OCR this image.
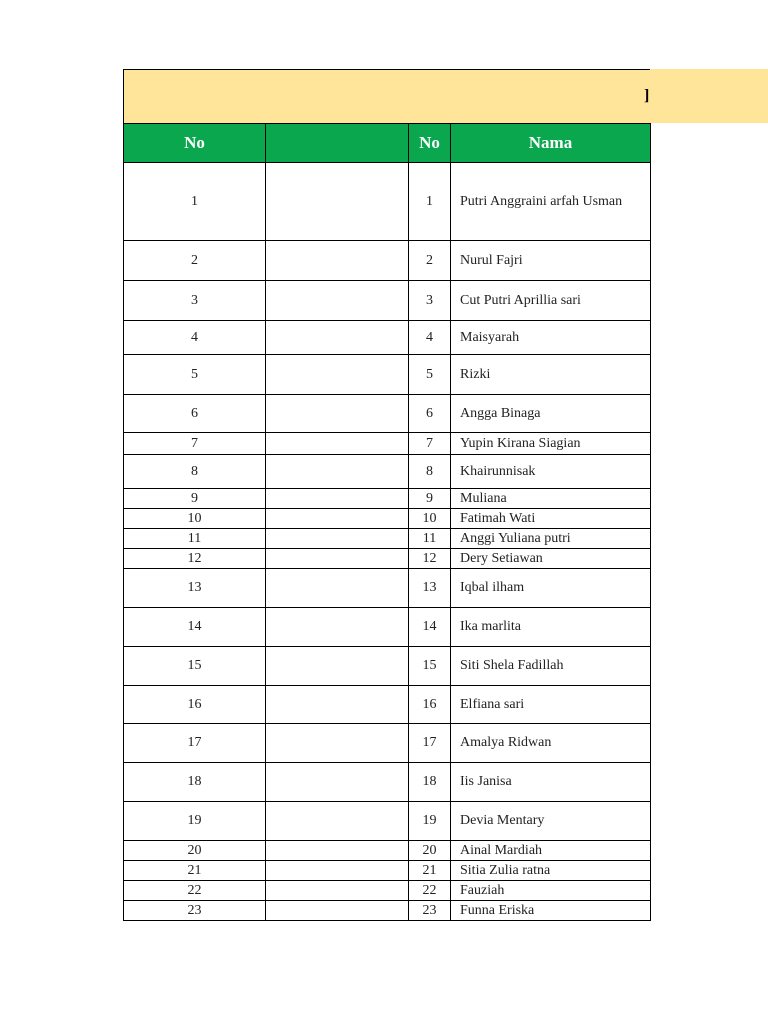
]
No		No	Nama
1		1	Putri Anggraini arfah Usman
2		2	Nurul Fajri
3		3	Cut Putri Aprillia sari
4		4	Maisyarah
5		5	Rizki
6		6	Angga Binaga
7		7	Yupin Kirana Siagian
8		8	Khairunnisak
9		9	Muliana
10		10	Fatimah Wati
11		11	Anggi Yuliana putri
12		12	Dery Setiawan
13		13	Iqbal ilham
14		14	Ika marlita
15		15	Siti Shela Fadillah
16		16	Elfiana sari
17		17	Amalya Ridwan
18		18	Iis Janisa
19		19	Devia Mentary
20		20	Ainal Mardiah
21		21	Sitia Zulia ratna
22		22	Fauziah
23		23	Funna Eriska
